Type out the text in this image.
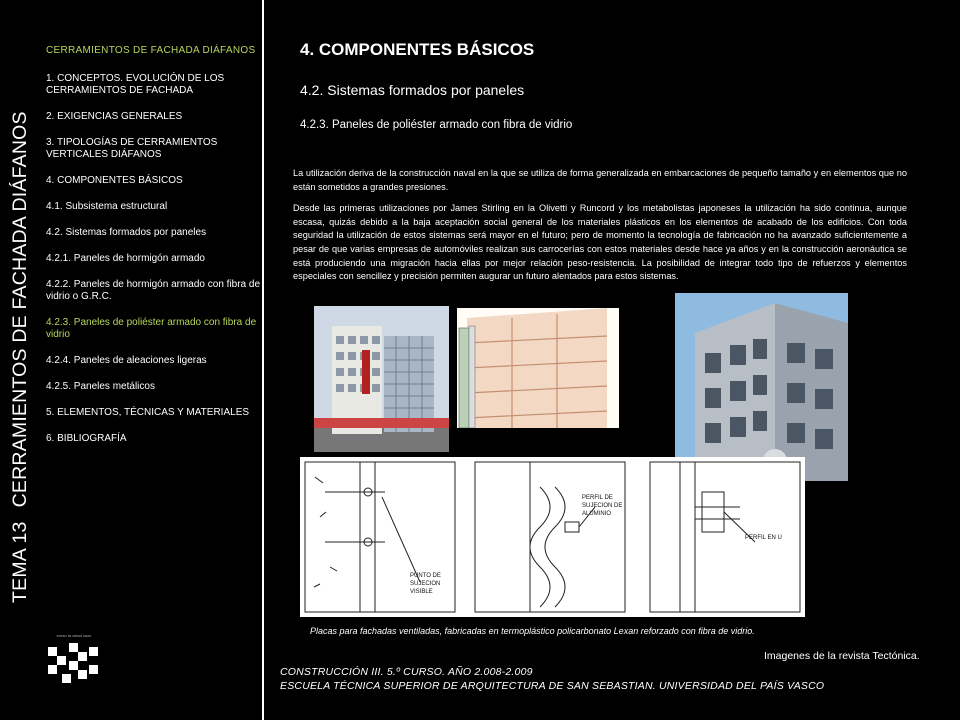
TEMA 13CERRAMIENTOS DE FACHADA DIÁFANOS
CERRAMIENTOS DE FACHADA DIÁFANOS
1. CONCEPTOS. EVOLUCIÓN DE LOS CERRAMIENTOS DE FACHADA
2. EXIGENCIAS GENERALES
3. TIPOLOGÍAS DE CERRAMIENTOS VERTICALES DIÁFANOS
4. COMPONENTES BÁSICOS
4.1. Subsistema estructural
4.2. Sistemas formados por paneles
4.2.1. Paneles de hormigón armado
4.2.2. Paneles de hormigón armado con fibra de vidrio o G.R.C.
4.2.3. Paneles de poliéster armado con fibra de vidrio
4.2.4. Paneles de aleaciones ligeras
4.2.5. Paneles metálicos
5. ELEMENTOS, TÉCNICAS Y MATERIALES
6. BIBLIOGRAFÍA
eman ta zabal zazu
4. COMPONENTES BÁSICOS
4.2. Sistemas formados por paneles
4.2.3. Paneles de poliéster armado con fibra de vidrio

La utilización deriva de la construcción naval en la que se utiliza de forma generalizada en embarcaciones de pequeño tamaño y en elementos que no están sometidos a grandes presiones.

Desde las primeras utilizaciones por James Stirling en la Olivetti y Runcord y los metabolistas japoneses la utilización ha sido continua, aunque escasa, quizás debido a la baja aceptación social general de los materiales plásticos en los elementos de acabado de los edificios. Con toda seguridad la utilización de estos sistemas será mayor en el futuro; pero de momento la tecnología de fabricación no ha avanzado suficientemente a pesar de que varias empresas de automóviles realizan sus carrocerías con estos materiales desde hace ya años y en la construcción aeronáutica se está produciendo una migración hacia ellas por mejor relación peso-resistencia. La posibilidad de integrar todo tipo de refuerzos y elementos especiales con sencillez y precisión permiten augurar un futuro alentados para estos sistemas.

PUNTO DE
SUJECION
VISIBLE
PERFIL DE
SUJECION DE
ALUMINIO
PERFIL EN U
Placas para fachadas ventiladas, fabricadas en termoplástico policarbonato Lexan reforzado con fibra de vidrio.
Imagenes de la revista Tectónica.
CONSTRUCCIÓN III. 5.º CURSO. AÑO 2.008-2.009
ESCUELA TÉCNICA SUPERIOR DE ARQUITECTURA DE SAN SEBASTIAN. UNIVERSIDAD DEL PAÍS VASCO
